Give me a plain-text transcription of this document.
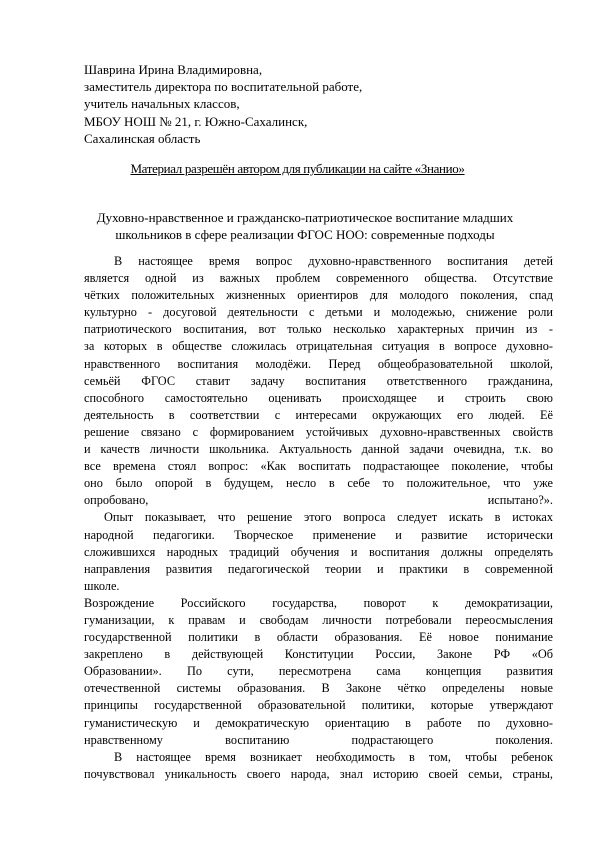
Шаврина Ирина Владимировна,
заместитель директора по воспитательной работе,
учитель начальных классов,
МБОУ НОШ № 21, г. Южно-Сахалинск,
Сахалинская область
Материал разрешён автором для публикации на сайте «Знанио»
Духовно-нравственное и гражданско-патриотическое воспитание младших
школьников в сфере реализации ФГОС НОО: современные подходы
В настоящее время вопрос духовно-нравственного воспитания детей
является одной из важных проблем современного общества. Отсутствие
чётких положительных жизненных ориентиров для молодого поколения, спад
культурно - досуговой деятельности с детьми и молодежью, снижение роли
патриотического воспитания, вот только несколько характерных причин из -
за которых в обществе сложилась отрицательная ситуация в вопросе духовно-
нравственного воспитания молодёжи. Перед общеобразовательной школой,
семьёй ФГОС ставит задачу воспитания ответственного гражданина,
способного самостоятельно оценивать происходящее и строить свою
деятельность в соответствии с интересами окружающих его людей. Её
решение связано с формированием устойчивых духовно-нравственных свойств
и качеств личности школьника. Актуальность данной задачи очевидна, т.к. во
все времена стоял вопрос: «Как воспитать подрастающее поколение, чтобы
оно было опорой в будущем, несло в себе то положительное, что уже
опробовано, испытано?».
Опыт показывает, что решение этого вопроса следует искать в истоках
народной педагогики. Творческое применение и развитие исторически
сложившихся народных традиций обучения и воспитания должны определять
направления развития педагогической теории и практики в современной
школе.
Возрождение Российского государства, поворот к демократизации,
гуманизации, к правам и свободам личности потребовали переосмысления
государственной политики в области образования. Её новое понимание
закреплено в действующей Конституции России, Законе РФ «Об
Образовании». По сути, пересмотрена сама концепция развития
отечественной системы образования. В Законе чётко определены новые
принципы государственной образовательной политики, которые утверждают
гуманистическую и демократическую ориентацию в работе по духовно-
нравственному воспитанию подрастающего поколения.
В настоящее время возникает необходимость в том, чтобы ребенок
почувствовал уникальность своего народа, знал историю своей семьи, страны,
